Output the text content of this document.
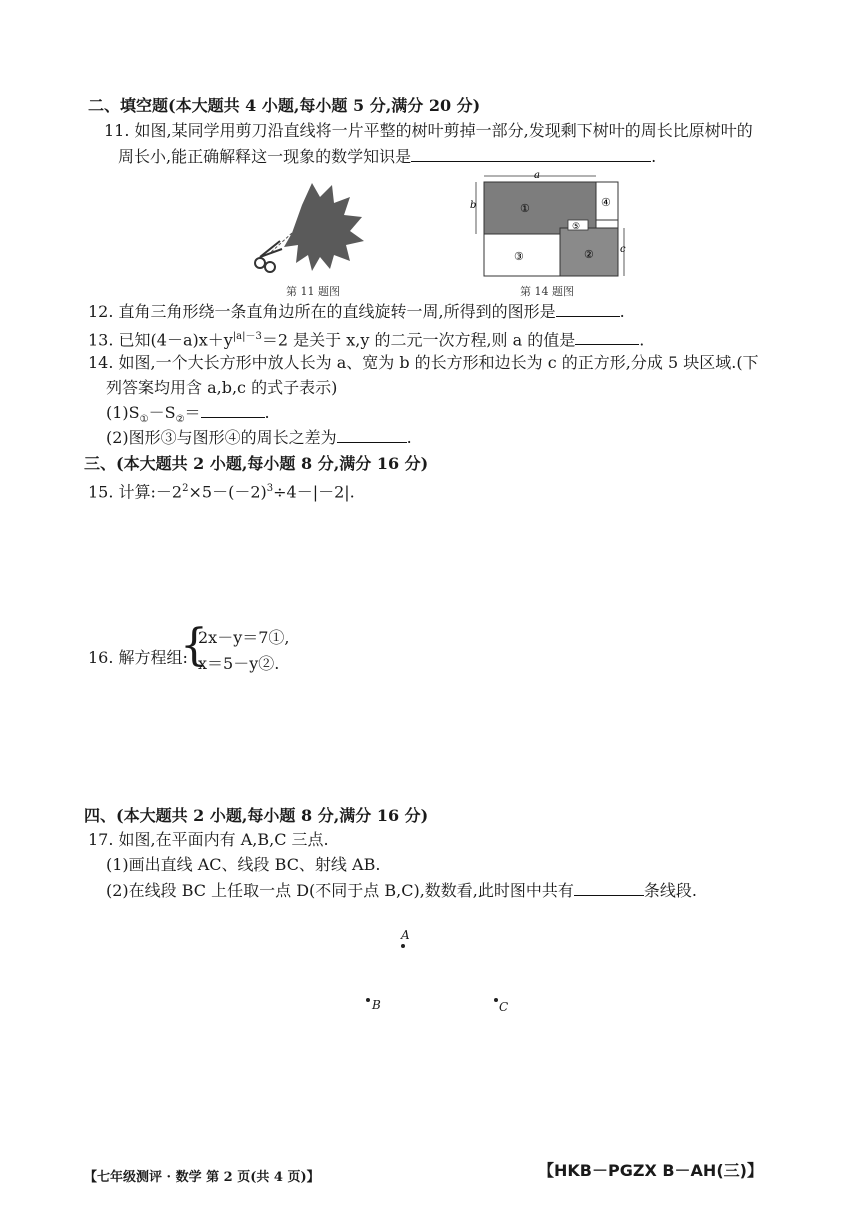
二、填空题(本大题共 4 小题,每小题 5 分,满分 20 分)
11. 如图,某同学用剪刀沿直线将一片平整的树叶剪掉一部分,发现剩下树叶的周长比原树叶的
周长小,能正确解释这一现象的数学知识是	.
第 11 题图
a
b
c
①
②
③
④
⑤
第 14 题图
12. 直角三角形绕一条直角边所在的直线旋转一周,所得到的图形是	.
13. 已知$(4-a)x+y^{|a|-3}=2$ 是关于 x,y 的二元一次方程,则 a 的值是	.
14. 如图,一个大长方形中放人长为 a、宽为 b 的长方形和边长为 c 的正方形,分成 5 块区域.(下
列答案均用含 a,b,c 的式子表示)
$(1)S_①-S_②=$	.
(2)图形③与图形④的周长之差为	.
三、(本大题共 2 小题,每小题 8 分,满分 16 分)
15. 计算$:-2^2\times 5-(-2)^3\div 4-|-2|$.
16. 解方程组:
{
2x－y＝7①,
x＝5－y②.
四、(本大题共 2 小题,每小题 8 分,满分 16 分)
17. 如图,在平面内有 A,B,C 三点.
(1)画出直线 AC、线段 BC、射线 AB.
(2)在线段 BC 上任取一点 D(不同于点 B,C),数数看,此时图中共有	条线段.
A
B	C
【七年级测评 · 数学 第 2 页(共 4 页)】	【HKB－PGZX B－AH(三)】
